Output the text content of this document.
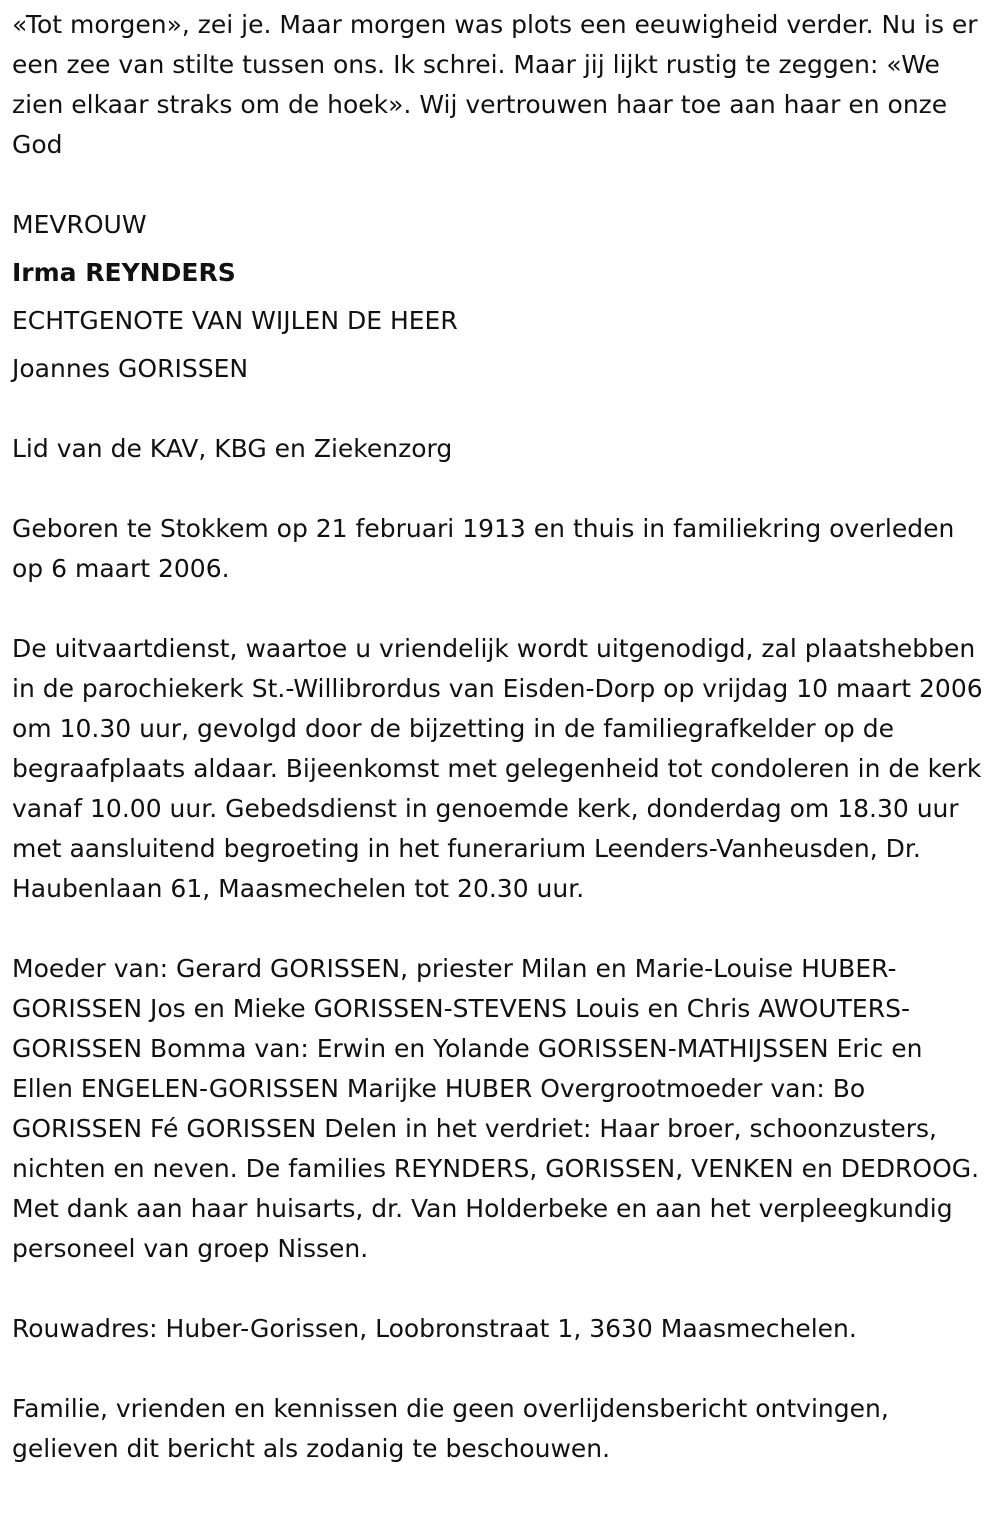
«Tot morgen», zei je. Maar morgen was plots een eeuwigheid verder. Nu is er een zee van stilte tussen ons. Ik schrei. Maar jij lijkt rustig te zeggen: «We zien elkaar straks om de hoek». Wij vertrouwen haar toe aan haar en onze God

MEVROUW
Irma REYNDERS
ECHTGENOTE VAN WIJLEN DE HEER
Joannes GORISSEN

Lid van de KAV, KBG en Ziekenzorg

Geboren te Stokkem op 21 februari 1913 en thuis in familiekring overleden op 6 maart 2006.

De uitvaartdienst, waartoe u vriendelijk wordt uitgenodigd, zal plaatshebben in de parochiekerk St.-Willibrordus van Eisden-Dorp op vrijdag 10 maart 2006 om 10.30 uur, gevolgd door de bijzetting in de familiegrafkelder op de begraafplaats aldaar. Bijeenkomst met gelegenheid tot condoleren in de kerk vanaf 10.00 uur. Gebedsdienst in genoemde kerk, donderdag om 18.30 uur met aansluitend begroeting in het funerarium Leenders-Vanheusden, Dr. Haubenlaan 61, Maasmechelen tot 20.30 uur.

Moeder van: Gerard GORISSEN, priester Milan en Marie-Louise HUBER-GORISSEN Jos en Mieke GORISSEN-STEVENS Louis en Chris AWOUTERS-GORISSEN Bomma van: Erwin en Yolande GORISSEN-MATHIJSSEN Eric en Ellen ENGELEN-GORISSEN Marijke HUBER Overgrootmoeder van: Bo GORISSEN Fé GORISSEN Delen in het verdriet: Haar broer, schoonzusters, nichten en neven. De families REYNDERS, GORISSEN, VENKEN en DEDROOG. Met dank aan haar huisarts, dr. Van Holderbeke en aan het verpleegkundig personeel van groep Nissen.

Rouwadres: Huber-Gorissen, Loobronstraat 1, 3630 Maasmechelen.

Familie, vrienden en kennissen die geen overlijdensbericht ontvingen, gelieven dit bericht als zodanig te beschouwen.
